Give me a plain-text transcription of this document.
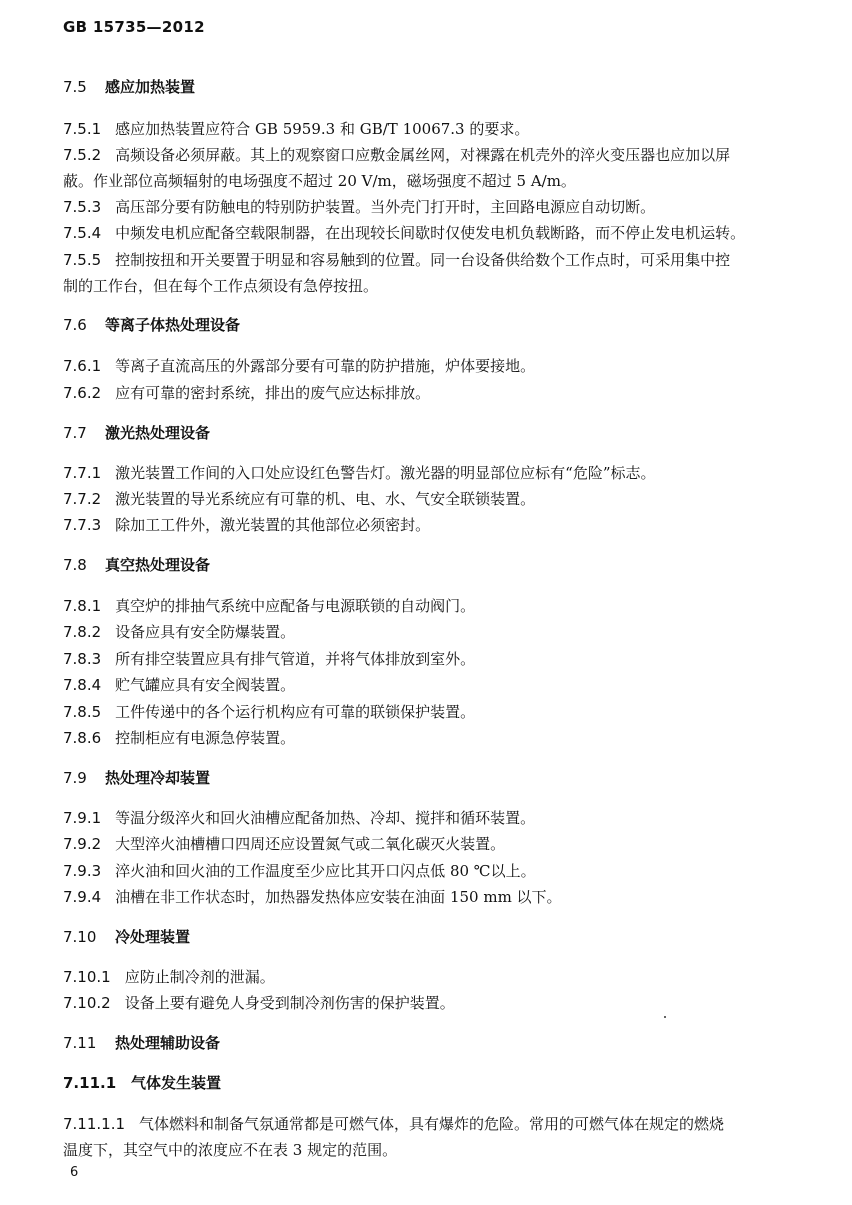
GB 15735—2012
7.5 感应加热装置
7.5.1 感应加热装置应符合 GB 5959.3 和 GB/T 10067.3 的要求。
7.5.2 高频设备必须屏蔽。其上的观察窗口应敷金属丝网，对裸露在机壳外的淬火变压器也应加以屏
蔽。作业部位高频辐射的电场强度不超过 20 V/m，磁场强度不超过 5 A/m。
7.5.3 高压部分要有防触电的特别防护装置。当外壳门打开时，主回路电源应自动切断。
7.5.4 中频发电机应配备空载限制器，在出现较长间歇时仅使发电机负载断路，而不停止发电机运转。
7.5.5 控制按扭和开关要置于明显和容易触到的位置。同一台设备供给数个工作点时，可采用集中控
制的工作台，但在每个工作点须设有急停按扭。
7.6 等离子体热处理设备
7.6.1 等离子直流高压的外露部分要有可靠的防护措施，炉体要接地。
7.6.2 应有可靠的密封系统，排出的废气应达标排放。
7.7 激光热处理设备
7.7.1 激光装置工作间的入口处应设红色警告灯。激光器的明显部位应标有“危险”标志。
7.7.2 激光装置的导光系统应有可靠的机、电、水、气安全联锁装置。
7.7.3 除加工工件外，激光装置的其他部位必须密封。
7.8 真空热处理设备
7.8.1 真空炉的排抽气系统中应配备与电源联锁的自动阀门。
7.8.2 设备应具有安全防爆装置。
7.8.3 所有排空装置应具有排气管道，并将气体排放到室外。
7.8.4 贮气罐应具有安全阀装置。
7.8.5 工件传递中的各个运行机构应有可靠的联锁保护装置。
7.8.6 控制柜应有电源急停装置。
7.9 热处理冷却装置
7.9.1 等温分级淬火和回火油槽应配备加热、冷却、搅拌和循环装置。
7.9.2 大型淬火油槽槽口四周还应设置氮气或二氧化碳灭火装置。
7.9.3 淬火油和回火油的工作温度至少应比其开口闪点低 80 ℃以上。
7.9.4 油槽在非工作状态时，加热器发热体应安装在油面 150 mm 以下。
7.10 冷处理装置
7.10.1 应防止制冷剂的泄漏。
7.10.2 设备上要有避免人身受到制冷剂伤害的保护装置。
7.11 热处理辅助设备
7.11.1 气体发生装置
7.11.1.1 气体燃料和制备气氛通常都是可燃气体，具有爆炸的危险。常用的可燃气体在规定的燃烧
温度下，其空气中的浓度应不在表 3 规定的范围。
6
